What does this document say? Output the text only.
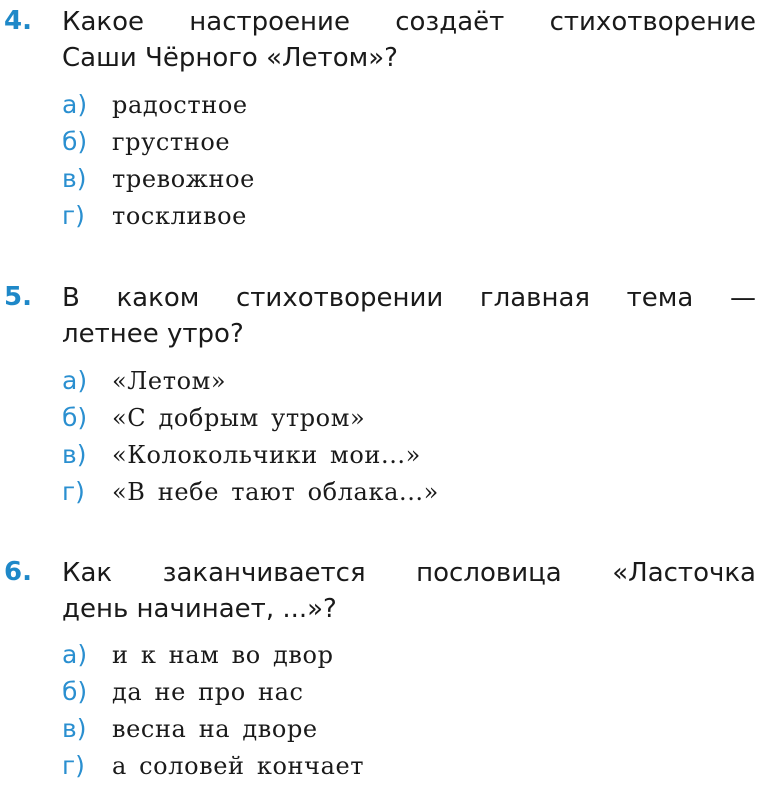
4. Какое настроение создаёт стихотворение
Саши Чёрного «Летом»?
а) радостное
б) грустное
в) тревожное
г) тоскливое
5. В каком стихотворении главная тема —
летнее утро?
а) «Летом»
б) «С добрым утром»
в) «Колокольчики мои...»
г) «В небе тают облака...»
6. Как заканчивается пословица «Ласточка
день начинает, ...»?
а) и к нам во двор
б) да не про нас
в) весна на дворе
г) а соловей кончает
